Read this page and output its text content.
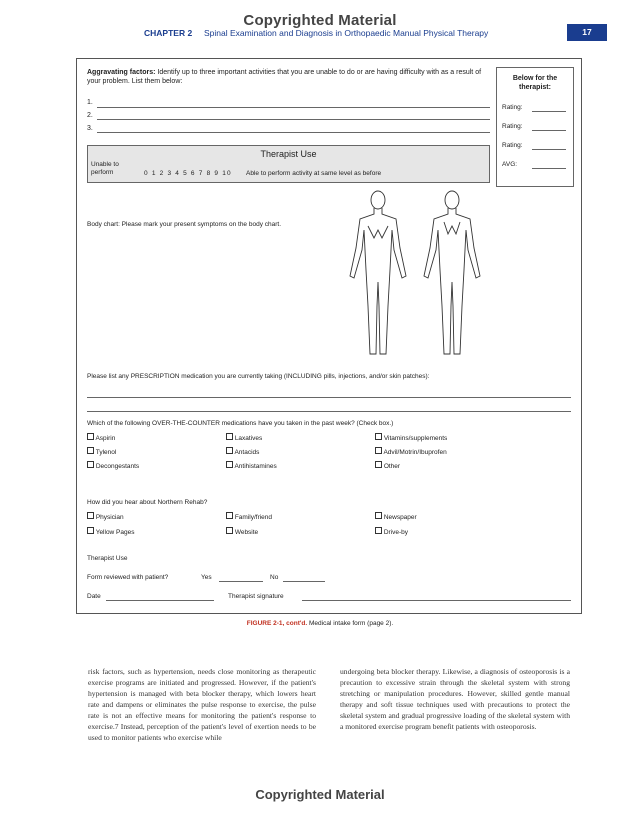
Copyrighted Material
CHAPTER 2 Spinal Examination and Diagnosis in Orthopaedic Manual Physical Therapy	17
Aggravating factors: Identify up to three important activities that you are unable to do or are having difficulty with as a result of your problem. List them below:
1.
2.
3.
Below for the therapist:
Rating:
Rating:
Rating:
AVG:
Therapist Use
Unable to perform	0 1 2 3 4 5 6 7 8 9 10 Able to perform activity at same level as before
Body chart: Please mark your present symptoms on the body chart.
Please list any PRESCRIPTION medication you are currently taking (INCLUDING pills, injections, and/or skin patches):
Which of the following OVER-THE-COUNTER medications have you taken in the past week? (Check box.)
Aspirin	Laxatives	Vitamins/supplements
Tylenol	Antacids	Advil/Motrin/Ibuprofen
Decongestants	Antihistamines	Other
How did you hear about Northern Rehab?
Physician	Family/friend	Newspaper
Yellow Pages	Website	Drive-by
Therapist Use
Form reviewed with patient?	Yes	No
Date	Therapist signature
FIGURE 2-1, cont'd. Medical intake form (page 2).
risk factors, such as hypertension, needs close monitoring as therapeutic exercise programs are initiated and progressed. However, if the patient's hypertension is managed with beta blocker therapy, which lowers heart rate and dampens or eliminates the pulse response to exercise, the pulse rate is not an effective means for monitoring the patient's response to exercise.7 Instead, perception of the patient's level of exertion needs to be used to monitor patients who exercise while
undergoing beta blocker therapy. Likewise, a diagnosis of osteoporosis is a precaution to excessive strain through the skeletal system with strong stretching or manipulation procedures. However, skilled gentle manual therapy and soft tissue techniques used with precautions to protect the skeletal system and gradual progressive loading of the skeletal system with a monitored exercise program benefit patients with osteoporosis.
Copyrighted Material
